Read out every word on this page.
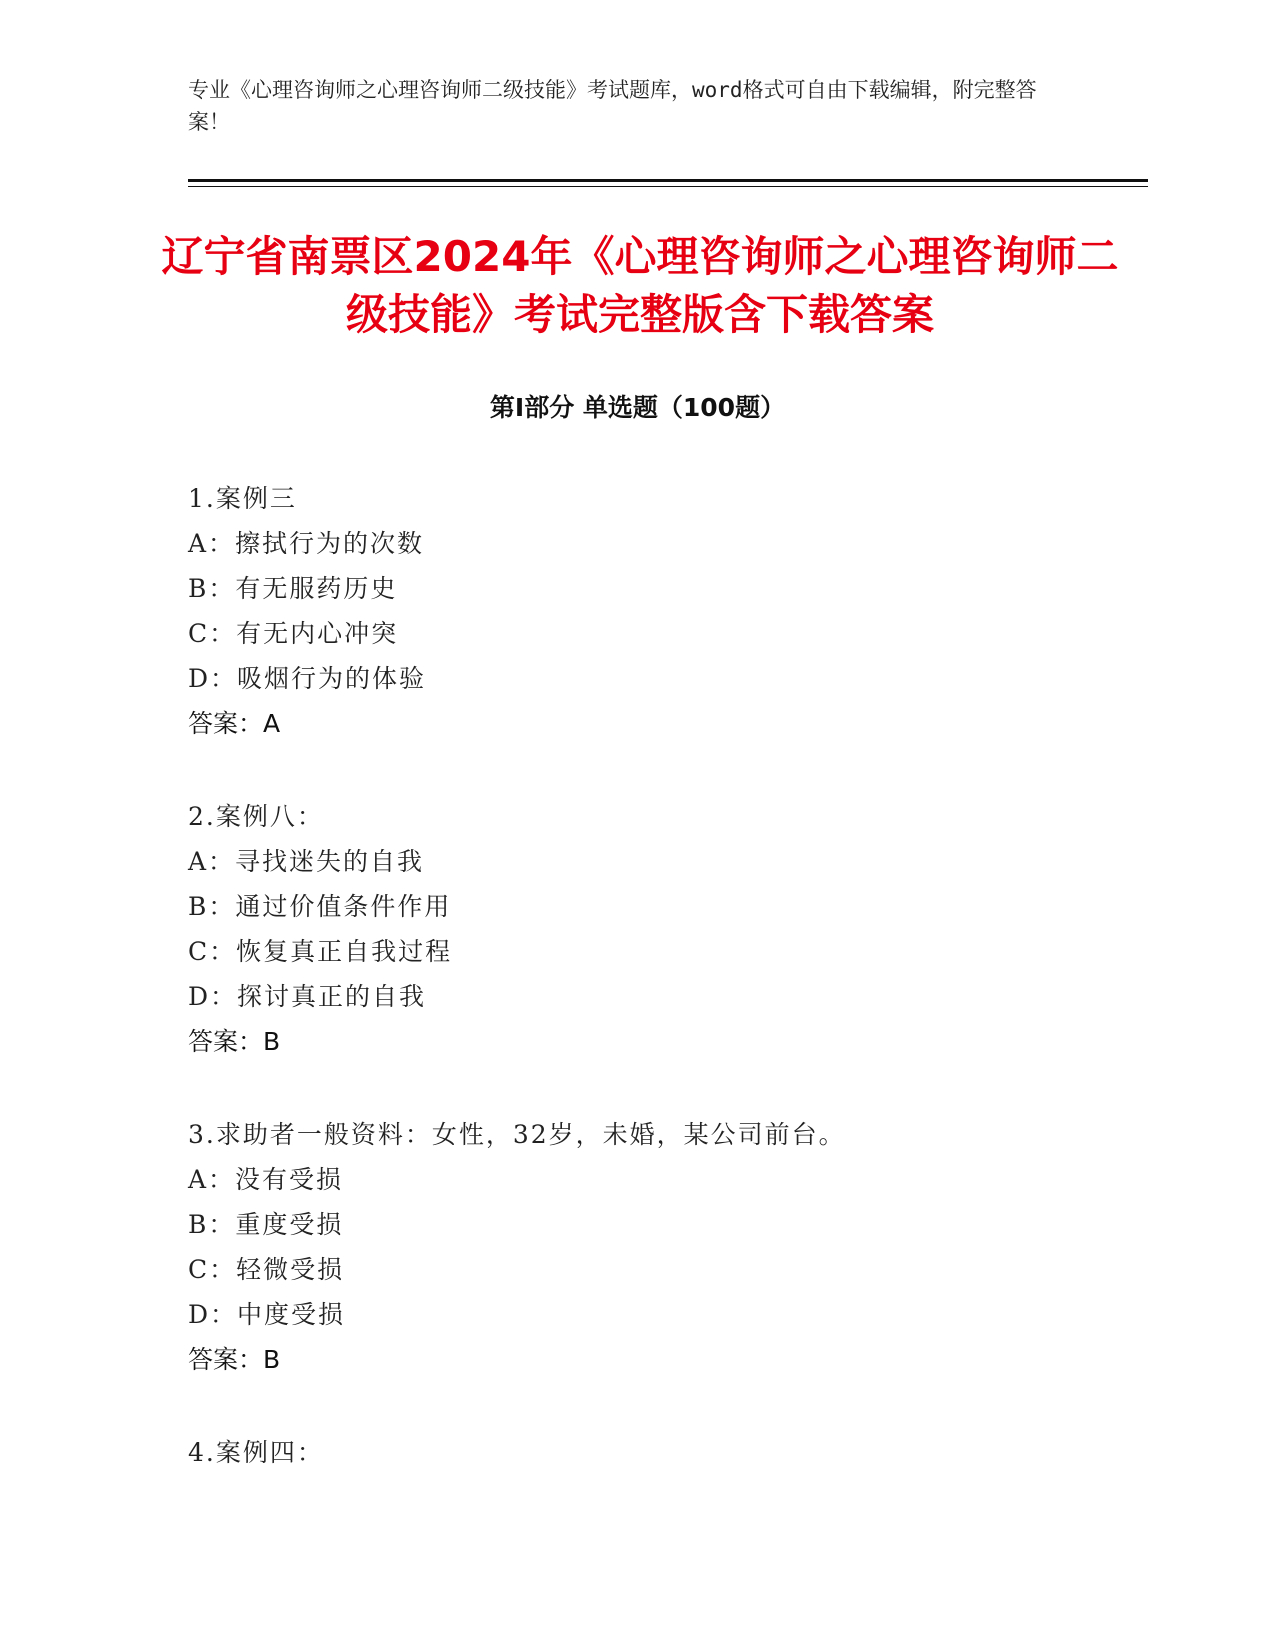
专业《心理咨询师之心理咨询师二级技能》考试题库，word格式可自由下载编辑，附完整答案！
辽宁省南票区2024年《心理咨询师之心理咨询师二级技能》考试完整版含下载答案
第Ⅰ部分 单选题（100题）
1.案例三
A：擦拭行为的次数
B：有无服药历史
C：有无内心冲突
D：吸烟行为的体验
答案：A
2.案例八：
A：寻找迷失的自我
B：通过价值条件作用
C：恢复真正自我过程
D：探讨真正的自我
答案：B
3.求助者一般资料：女性，32岁，未婚，某公司前台。
A：没有受损
B：重度受损
C：轻微受损
D：中度受损
答案：B
4.案例四：
